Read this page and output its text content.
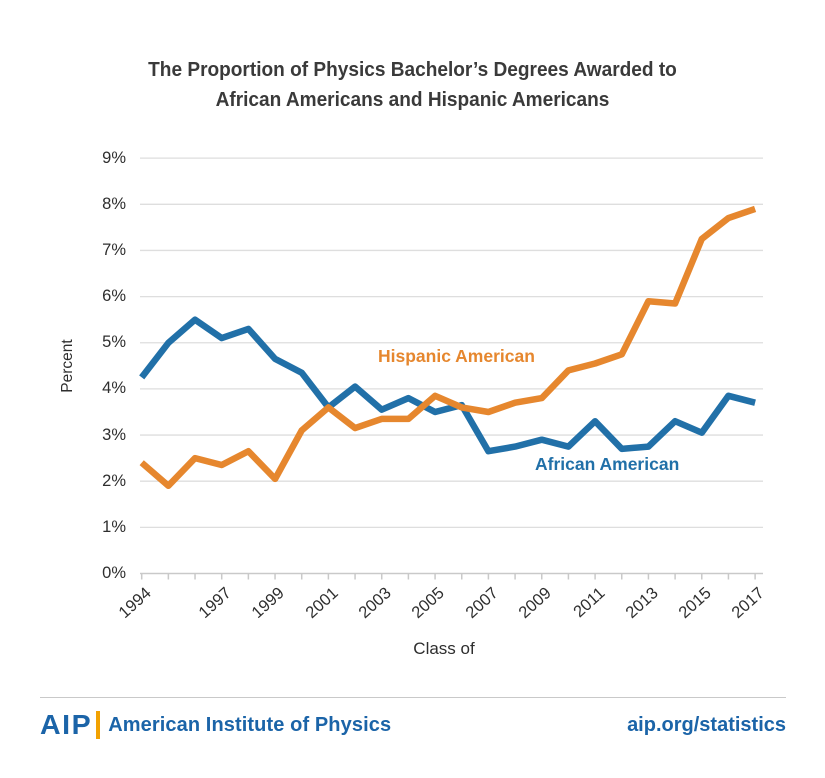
The Proportion of Physics Bachelor’s Degrees Awarded to
African Americans and Hispanic Americans
0%
1%
2%
3%
4%
5%
6%
7%
8%
9%
1994 1997 1999 2001 2003 2005 2007 2009 2011 2013 2015 2017
Percent
Class of
Hispanic American
African American
AIP American Institute of Physics	aip.org/statistics
